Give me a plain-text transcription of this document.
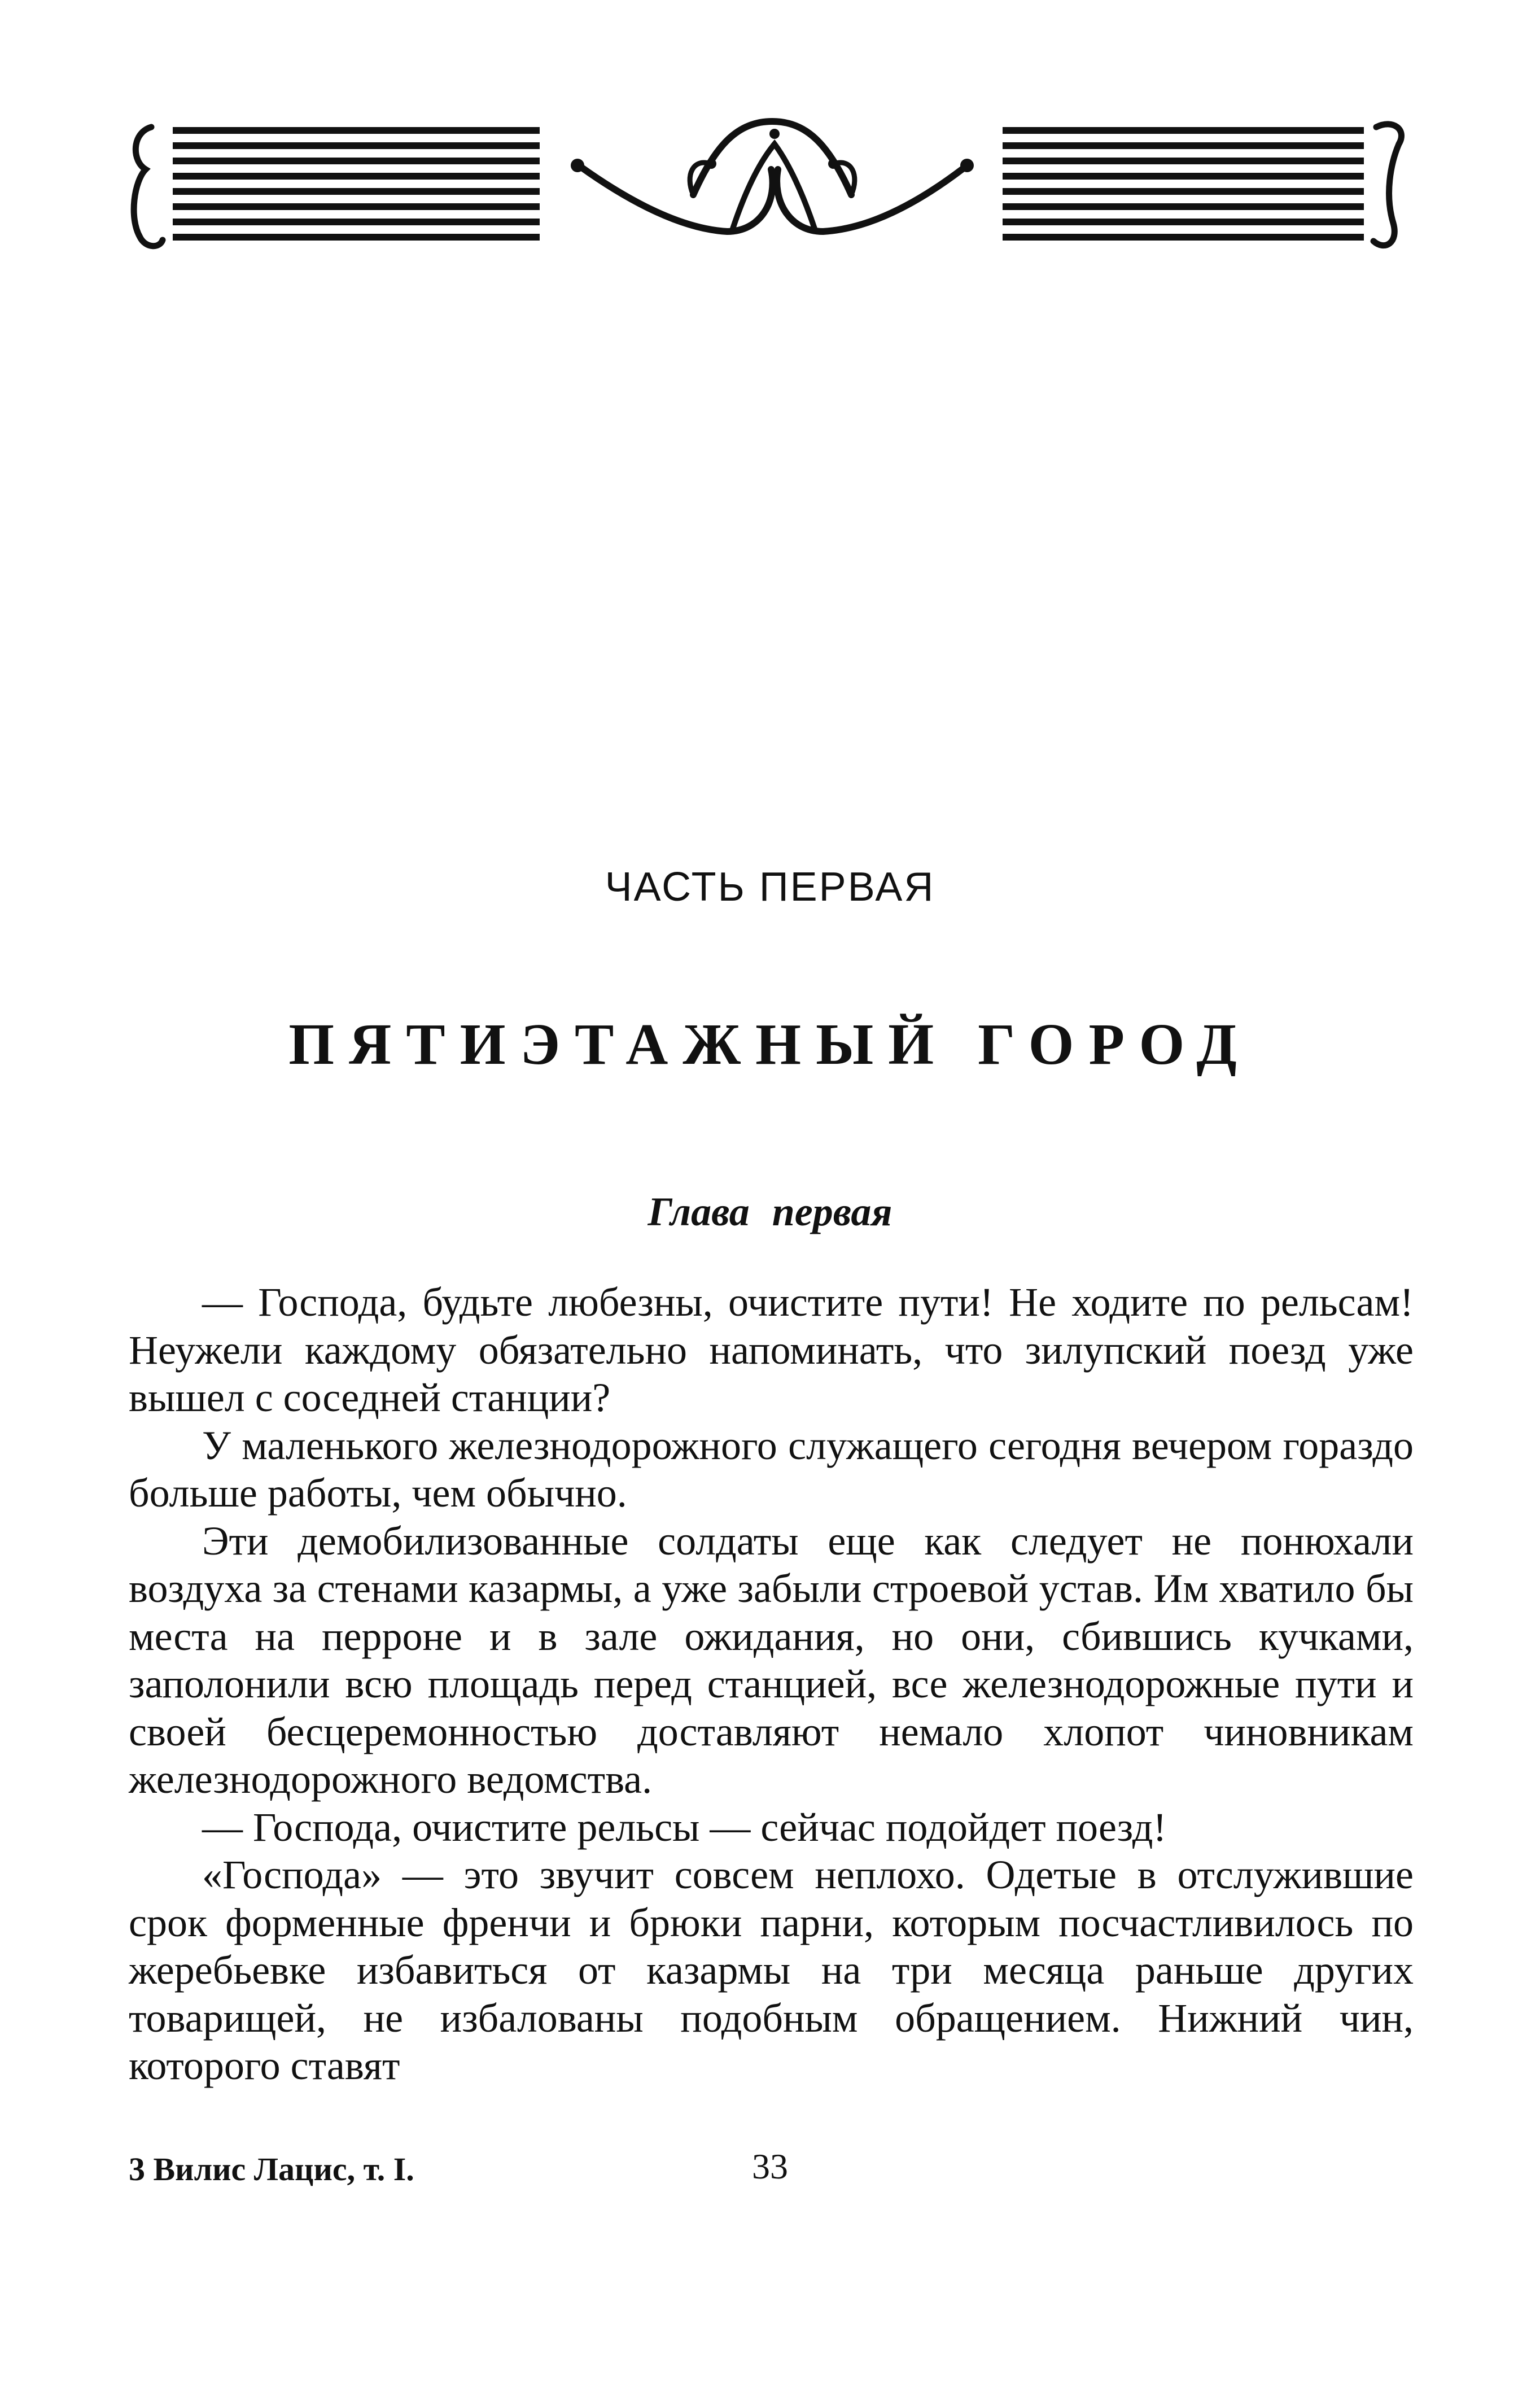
ЧАСТЬ ПЕРВАЯ
ПЯТИЭТАЖНЫЙ ГОРОД
Глава первая

— Господа, будьте любезны, очистите пути! Не ходите по рельсам! Неужели каждому обязательно напоминать, что зилупский поезд уже вышел с соседней станции?

У маленького железнодорожного служащего сегодня вечером гораздо больше работы, чем обычно.

Эти демобилизованные солдаты еще как следует не понюхали воздуха за стенами казармы, а уже забыли строевой устав. Им хватило бы места на перроне и в зале ожидания, но они, сбившись кучками, заполонили всю площадь перед станцией, все железнодорожные пути и своей бесцеремонностью доставляют немало хлопот чиновникам железнодорожного ведомства.

— Господа, очистите рельсы — сейчас подойдет поезд!

«Господа» — это звучит совсем неплохо. Одетые в отслужившие срок форменные френчи и брюки парни, которым посчастливилось по жеребьевке избавиться от казармы на три месяца раньше других товарищей, не избалованы подобным обращением. Нижний чин, которого ставят

3 Вилис Лацис, т. I.	33
